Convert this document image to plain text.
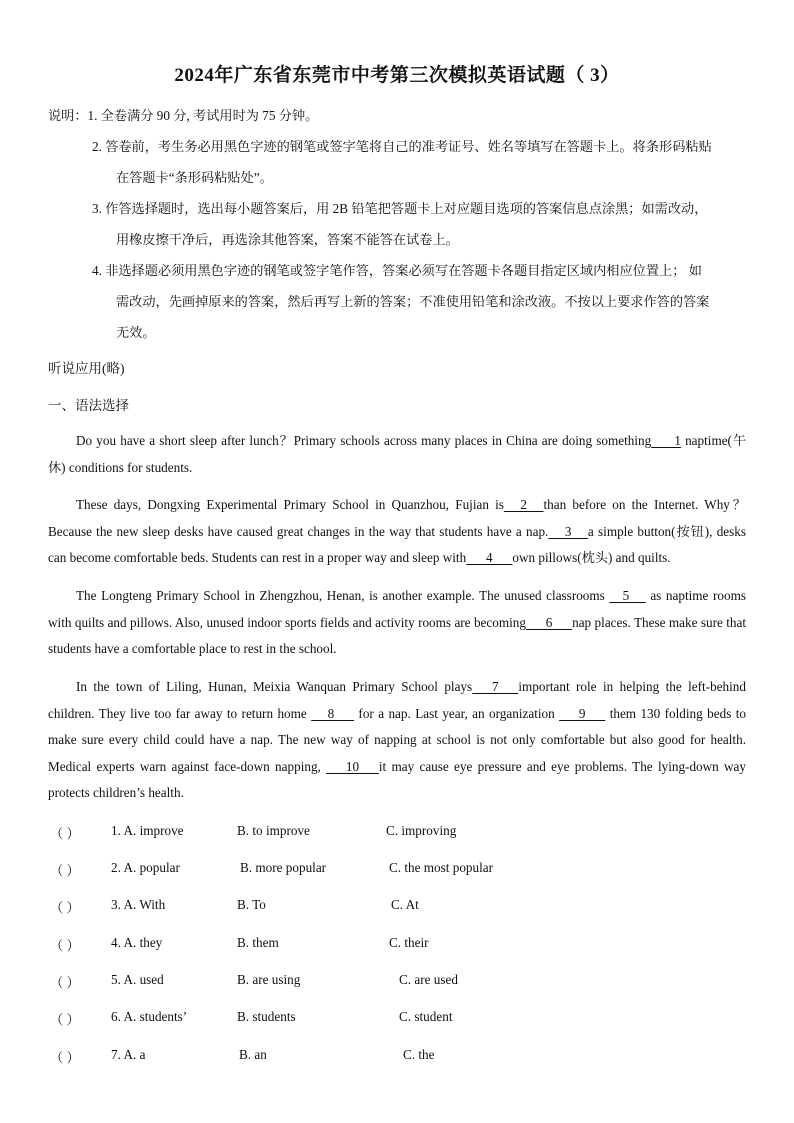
2024年广东省东莞市中考第三次模拟英语试题（ 3）
说明：1. 全卷满分 90 分, 考试用时为 75 分钟。
2. 答卷前，考生务必用黑色字迹的钢笔或签字笔将自己的准考证号、姓名等填写在答题卡上。将条形码粘贴
在答题卡“条形码粘贴处”。
3. 作答选择题时，选出每小题答案后，用 2B 铅笔把答题卡上对应题目选项的答案信息点涂黑；如需改动，
用橡皮擦干净后，再选涂其他答案，答案不能答在试卷上。
4. 非选择题必须用黑色字迹的钢笔或签字笔作答，答案必须写在答题卡各题目指定区域内相应位置上； 如
需改动，先画掉原来的答案，然后再写上新的答案；不准使用铅笔和涂改液。不按以上要求作答的答案
无效。
听说应用(略)
一、语法选择
Do you have a short sleep after lunch？Primary schools across many places in China are doing something       1 naptime(午休) conditions for students.
These days, Dongxing Experimental Primary School in Quanzhou, Fujian is     2     than before on the Internet. Why？ Because the new sleep desks have caused great changes in the way that students have a nap.     3     a simple button(按钮), desks can become comfortable beds. Students can rest in a proper way and sleep with      4      own pillows(枕头) and quilts.
The Longteng Primary School in Zhengzhou, Henan, is another example. The unused classrooms     5      as naptime rooms with quilts and pillows. Also, unused indoor sports fields and activity rooms are becoming      6      nap places. These make sure that students have a comfortable place to rest in the school.
In the town of Liling, Hunan, Meixia Wanquan Primary School plays      7      important role in helping the left-behind children. They live too far away to return home      8       for a nap. Last year, an organization       9       them 130 folding beds to make sure every child could have a nap. The new way of napping at school is not only comfortable but also good for health. Medical experts warn against face-down napping,       10      it may cause eye pressure and eye problems. The lying-down way protects children’s health.
（ ） 1. A. improve	B. to improve	C. improving
（ ） 2. A. popular	B. more popular	C. the most popular
（ ） 3. A. With	B. To	C. At
（ ） 4. A. they	B. them	C. their
（ ） 5. A. used	B. are using	C. are used
（ ） 6. A. students’	B. students	C. student
（ ） 7. A. a	B. an	C. the
